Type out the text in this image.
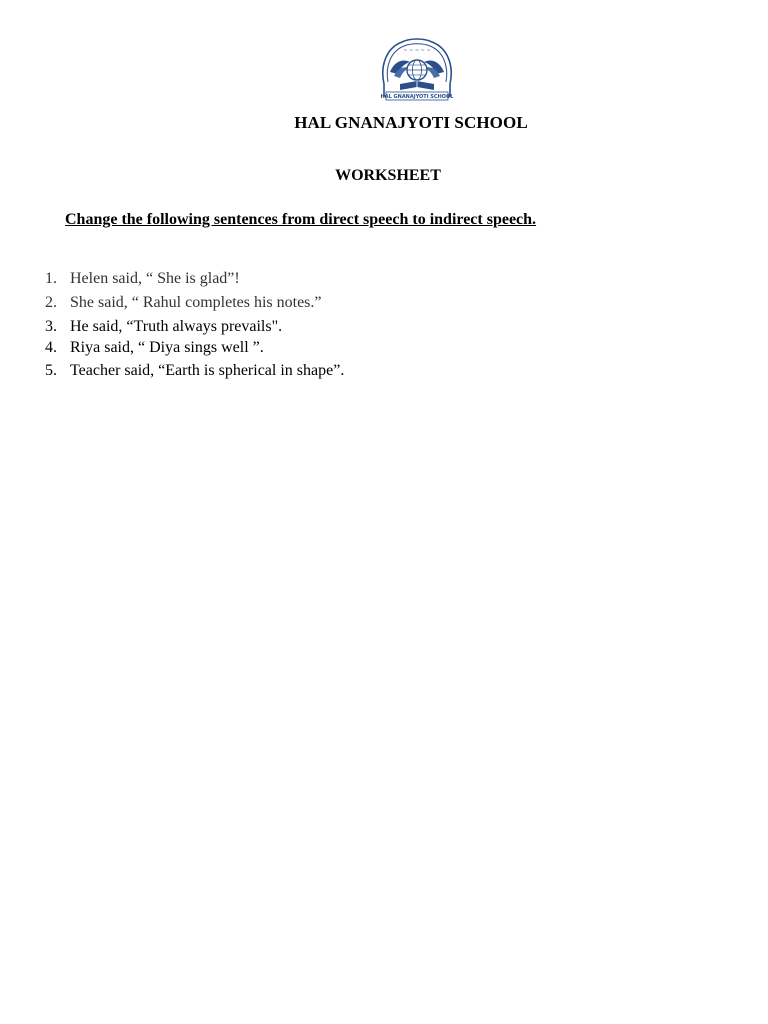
~ ~ ~ ~ ~
HAL GNANAJYOTI SCHOOL
HAL GNANAJYOTI SCHOOL
WORKSHEET

Change the following sentences from direct speech to indirect speech.

1. Helen said, “ She is glad”!
2. She said, “ Rahul completes his notes.”
3. He said, “Truth always prevails".
4. Riya said, “ Diya sings well ”.
5. Teacher said, “Earth is spherical in shape”.
